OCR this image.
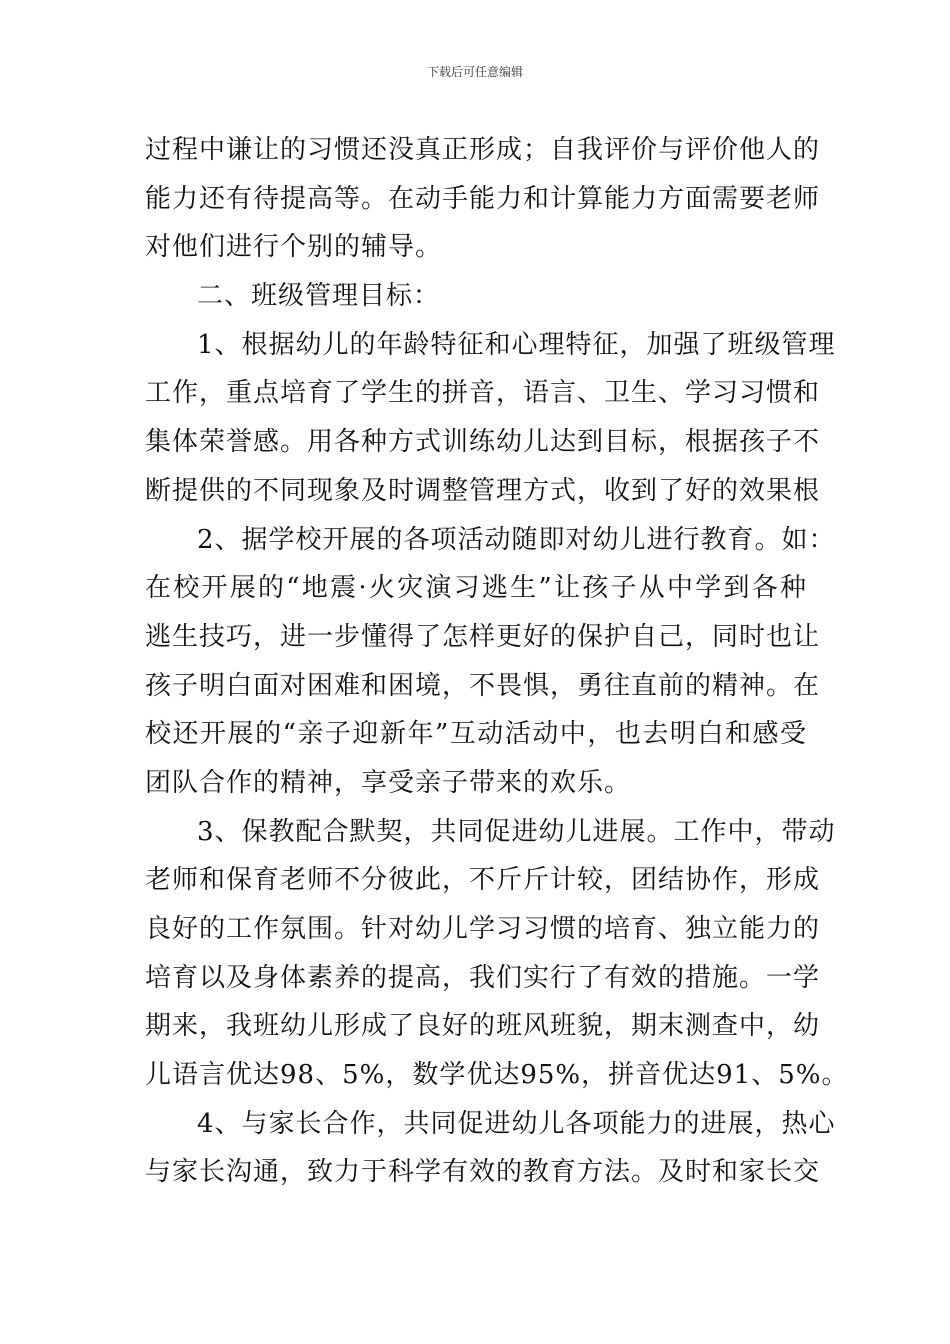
下载后可任意编辑
过程中谦让的习惯还没真正形成；自我评价与评价他人的
能力还有待提高等。在动手能力和计算能力方面需要老师
对他们进行个别的辅导。
二、班级管理目标：
1、根据幼儿的年龄特征和心理特征，加强了班级管理
工作，重点培育了学生的拼音，语言、卫生、学习习惯和
集体荣誉感。用各种方式训练幼儿达到目标，根据孩子不
断提供的不同现象及时调整管理方式，收到了好的效果根
2、据学校开展的各项活动随即对幼儿进行教育。如：
在校开展的“地震·火灾演习逃生”让孩子从中学到各种
逃生技巧，进一步懂得了怎样更好的保护自己，同时也让
孩子明白面对困难和困境，不畏惧，勇往直前的精神。在
校还开展的“亲子迎新年”互动活动中，也去明白和感受
团队合作的精神，享受亲子带来的欢乐。
3、保教配合默契，共同促进幼儿进展。工作中，带动
老师和保育老师不分彼此，不斤斤计较，团结协作，形成
良好的工作氛围。针对幼儿学习习惯的培育、独立能力的
培育以及身体素养的提高，我们实行了有效的措施。一学
期来，我班幼儿形成了良好的班风班貌，期末测查中，幼
儿语言优达98、5%，数学优达95%，拼音优达91、5%。
4、与家长合作，共同促进幼儿各项能力的进展，热心
与家长沟通，致力于科学有效的教育方法。及时和家长交
